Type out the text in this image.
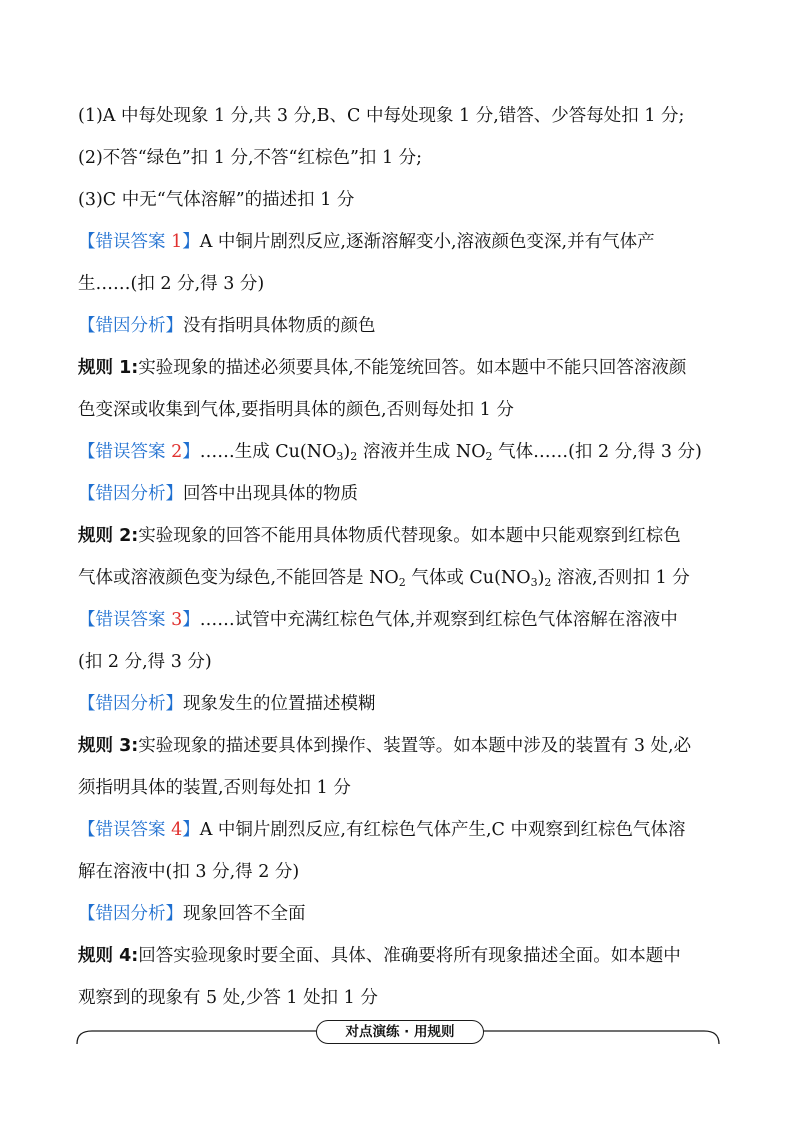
(1)A 中每处现象 1 分,共 3 分,B、C 中每处现象 1 分,错答、少答每处扣 1 分;
(2)不答“绿色”扣 1 分,不答“红棕色”扣 1 分;
(3)C 中无“气体溶解”的描述扣 1 分
【错误答案 1】A 中铜片剧烈反应,逐渐溶解变小,溶液颜色变深,并有气体产
生……(扣 2 分,得 3 分)
【错因分析】没有指明具体物质的颜色
规则 1:实验现象的描述必须要具体,不能笼统回答。如本题中不能只回答溶液颜
色变深或收集到气体,要指明具体的颜色,否则每处扣 1 分
【错误答案 2】……生成 $Cu(NO_3)_2$ 溶液并生成 $NO_2$ 气体……(扣 2 分,得 3 分)
【错因分析】回答中出现具体的物质
规则 2:实验现象的回答不能用具体物质代替现象。如本题中只能观察到红棕色
气体或溶液颜色变为绿色,不能回答是 $NO_2$ 气体或 $Cu(NO_3)_2$ 溶液,否则扣 1 分
【错误答案 3】……试管中充满红棕色气体,并观察到红棕色气体溶解在溶液中
(扣 2 分,得 3 分)
【错因分析】现象发生的位置描述模糊
规则 3:实验现象的描述要具体到操作、装置等。如本题中涉及的装置有 3 处,必
须指明具体的装置,否则每处扣 1 分
【错误答案 4】A 中铜片剧烈反应,有红棕色气体产生,C 中观察到红棕色气体溶
解在溶液中(扣 3 分,得 2 分)
【错因分析】现象回答不全面
规则 4:回答实验现象时要全面、具体、准确要将所有现象描述全面。如本题中
观察到的现象有 5 处,少答 1 处扣 1 分
对点演练 · 用规则
